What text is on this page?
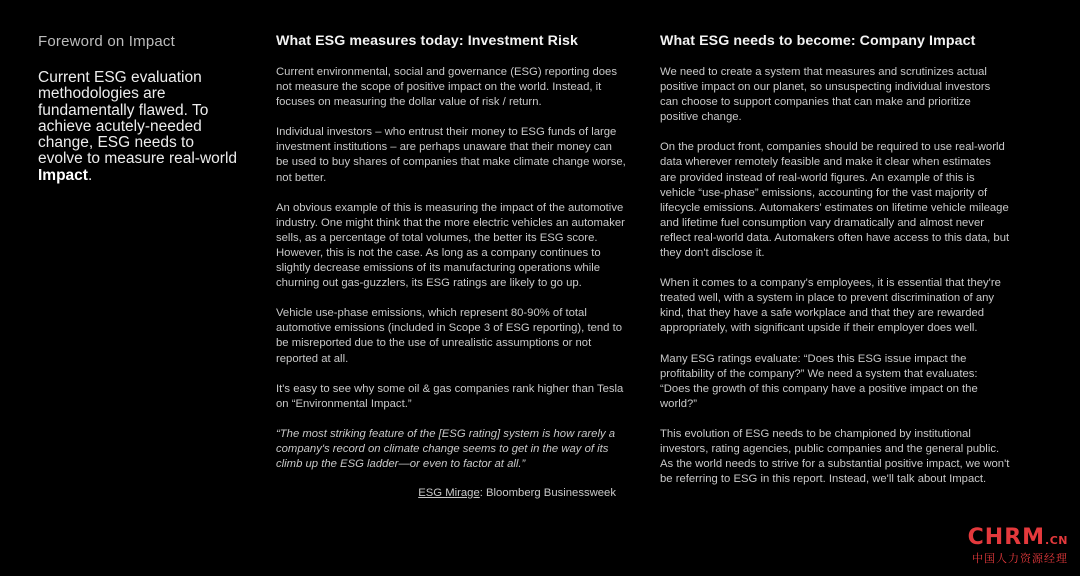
Foreword on Impact

Current ESG evaluation methodologies are fundamentally flawed. To achieve acutely-needed change, ESG needs to evolve to measure real-world Impact.

What ESG measures today: Investment Risk

Current environmental, social and governance (ESG) reporting does not measure the scope of positive impact on the world. Instead, it focuses on measuring the dollar value of risk / return.

Individual investors – who entrust their money to ESG funds of large investment institutions – are perhaps unaware that their money can be used to buy shares of companies that make climate change worse, not better.

An obvious example of this is measuring the impact of the automotive industry. One might think that the more electric vehicles an automaker sells, as a percentage of total volumes, the better its ESG score. However, this is not the case. As long as a company continues to slightly decrease emissions of its manufacturing operations while churning out gas-guzzlers, its ESG ratings are likely to go up.

Vehicle use-phase emissions, which represent 80-90% of total automotive emissions (included in Scope 3 of ESG reporting), tend to be misreported due to the use of unrealistic assumptions or not reported at all.

It's easy to see why some oil & gas companies rank higher than Tesla on “Environmental Impact.”

“The most striking feature of the [ESG rating] system is how rarely a company's record on climate change seems to get in the way of its climb up the ESG ladder—or even to factor at all.”

ESG Mirage: Bloomberg Businessweek

What ESG needs to become: Company Impact

We need to create a system that measures and scrutinizes actual positive impact on our planet, so unsuspecting individual investors can choose to support companies that can make and prioritize positive change.

On the product front, companies should be required to use real-world data wherever remotely feasible and make it clear when estimates are provided instead of real-world figures. An example of this is vehicle “use-phase” emissions, accounting for the vast majority of lifecycle emissions. Automakers' estimates on lifetime vehicle mileage and lifetime fuel consumption vary dramatically and almost never reflect real-world data. Automakers often have access to this data, but they don't disclose it.

When it comes to a company's employees, it is essential that they're treated well, with a system in place to prevent discrimination of any kind, that they have a safe workplace and that they are rewarded appropriately, with significant upside if their employer does well.

Many ESG ratings evaluate: “Does this ESG issue impact the profitability of the company?” We need a system that evaluates: “Does the growth of this company have a positive impact on the world?”

This evolution of ESG needs to be championed by institutional investors, rating agencies, public companies and the general public. As the world needs to strive for a substantial positive impact, we won't be referring to ESG in this report. Instead, we'll talk about Impact.

CHRM.CN
中国人力资源经理
